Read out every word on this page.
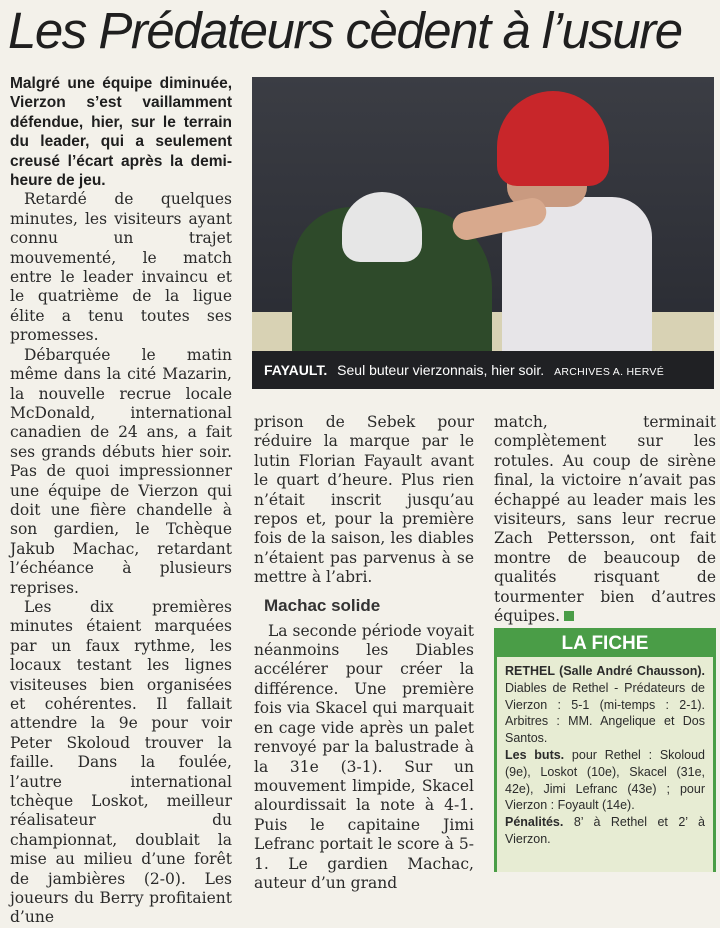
Les Prédateurs cèdent à l’usure

Malgré une équipe diminuée, Vierzon s’est vaillamment défendue, hier, sur le terrain du leader, qui a seulement creusé l’écart après la demi-heure de jeu.

Retardé de quelques minutes, les visiteurs ayant connu un trajet mouvementé, le match entre le leader invaincu et le quatrième de la ligue élite a tenu toutes ses promesses.

Débarquée le matin même dans la cité Mazarin, la nouvelle recrue locale McDonald, international canadien de 24 ans, a fait ses grands débuts hier soir. Pas de quoi impressionner une équipe de Vierzon qui doit une fière chandelle à son gardien, le Tchèque Jakub Machac, retardant l’échéance à plusieurs reprises.

Les dix premières minutes étaient marquées par un faux rythme, les locaux testant les lignes visiteuses bien organisées et cohérentes. Il fallait attendre la 9e pour voir Peter Skoloud trouver la faille. Dans la foulée, l’autre international tchèque Loskot, meilleur réalisateur du championnat, doublait la mise au milieu d’une forêt de jambières (2-0). Les joueurs du Berry profitaient d’une

FAYAULT. Seul buteur vierzonnais, hier soir. ARCHIVES A. HERVÉ

prison de Sebek pour réduire la marque par le lutin Florian Fayault avant le quart d’heure. Plus rien n’était inscrit jusqu’au repos et, pour la première fois de la saison, les diables n’étaient pas parvenus à se mettre à l’abri.

Machac solide

La seconde période voyait néanmoins les Diables accélérer pour créer la différence. Une première fois via Skacel qui marquait en cage vide après un palet renvoyé par la balustrade à la 31e (3-1). Sur un mouvement limpide, Skacel alourdissait la note à 4-1. Puis le capitaine Jimi Lefranc portait le score à 5-1. Le gardien Machac, auteur d’un grand

match, terminait complètement sur les rotules. Au coup de sirène final, la victoire n’avait pas échappé au leader mais les visiteurs, sans leur recrue Zach Pettersson, ont fait montre de beaucoup de qualités risquant de tourmenter bien d’autres équipes.

LA FICHE

RETHEL (Salle André Chausson). Diables de Rethel - Prédateurs de Vierzon : 5-1 (mi-temps : 2-1). Arbitres : MM. Angelique et Dos Santos.

Les buts. pour Rethel : Skoloud (9e), Loskot (10e), Skacel (31e, 42e), Jimi Lefranc (43e) ; pour Vierzon : Foyault (14e).

Pénalités. 8’ à Rethel et 2’ à Vierzon.
